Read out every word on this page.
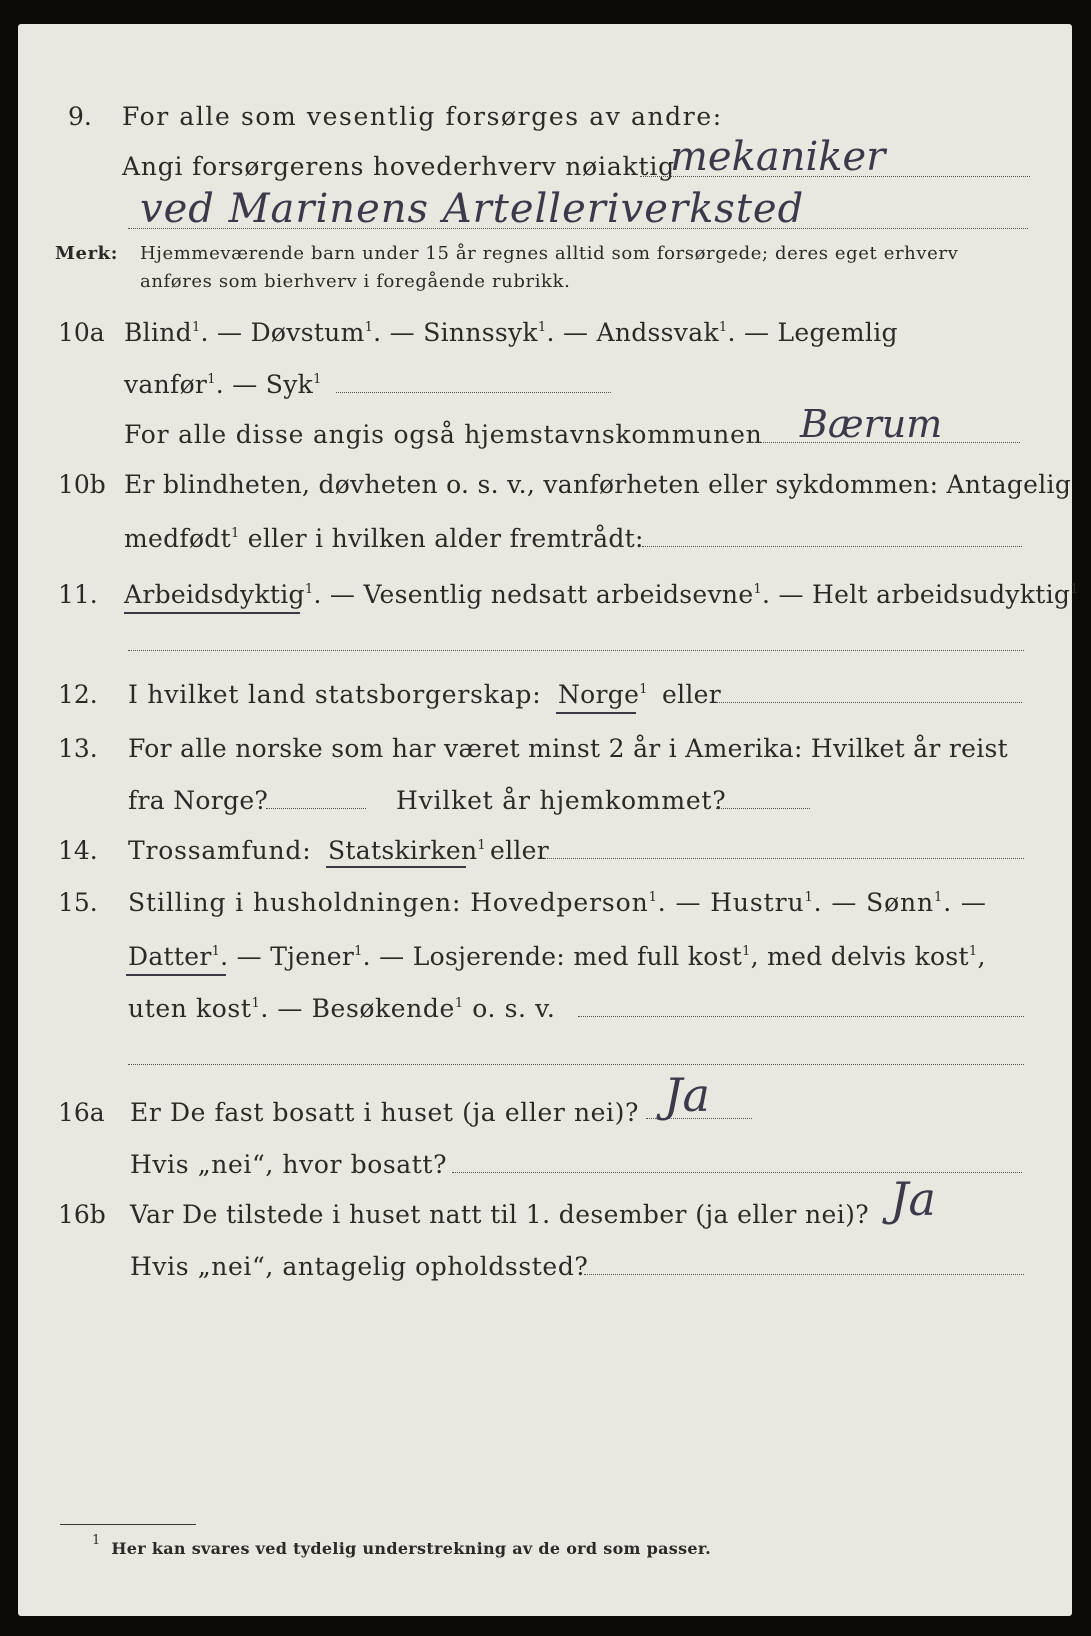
9. For alle som vesentlig forsørges av andre:
Angi forsørgerens hovederhverv nøiaktig
mekaniker
ved Marinens Artelleriverksted
Merk: Hjemmeværende barn under 15 år regnes alltid som forsørgede; deres eget erhverv
anføres som bierhverv i foregående rubrikk.
10a Blind$^1$. — Døvstum$^1$. — Sinnssyk$^1$. — Andssvak$^1$. — Legemlig
vanfør$^1$. — Syk$^1$
For alle disse angis også hjemstavnskommunen Bærum
10b Er blindheten, døvheten o. s. v., vanførheten eller sykdommen: Antagelig
medfødt$^1$ eller i hvilken alder fremtrådt:
11. Arbeidsdyktig$^1$. — Vesentlig nedsatt arbeidsevne$^1$. — Helt arbeidsudyktig$^1$
12. I hvilket land statsborgerskap: Norge$^1$ eller
13. For alle norske som har været minst 2 år i Amerika: Hvilket år reist
fra Norge?	Hvilket år hjemkommet?
14. Trossamfund: Statskirken$^1$ eller
15. Stilling i husholdningen: Hovedperson$^1$. — Hustru$^1$. — Sønn$^1$. —
Datter$^1$. — Tjener$^1$. — Losjerende: med full kost$^1$, med delvis kost$^1$,
uten kost$^1$. — Besøkende$^1$ o. s. v.
16a Er De fast bosatt i huset (ja eller nei)? Ja
Hvis „nei“, hvor bosatt?
16b Var De tilstede i huset natt til 1. desember (ja eller nei)? Ja
Hvis „nei“, antagelig opholdssted?
$^1$ Her kan svares ved tydelig understrekning av de ord som passer.
